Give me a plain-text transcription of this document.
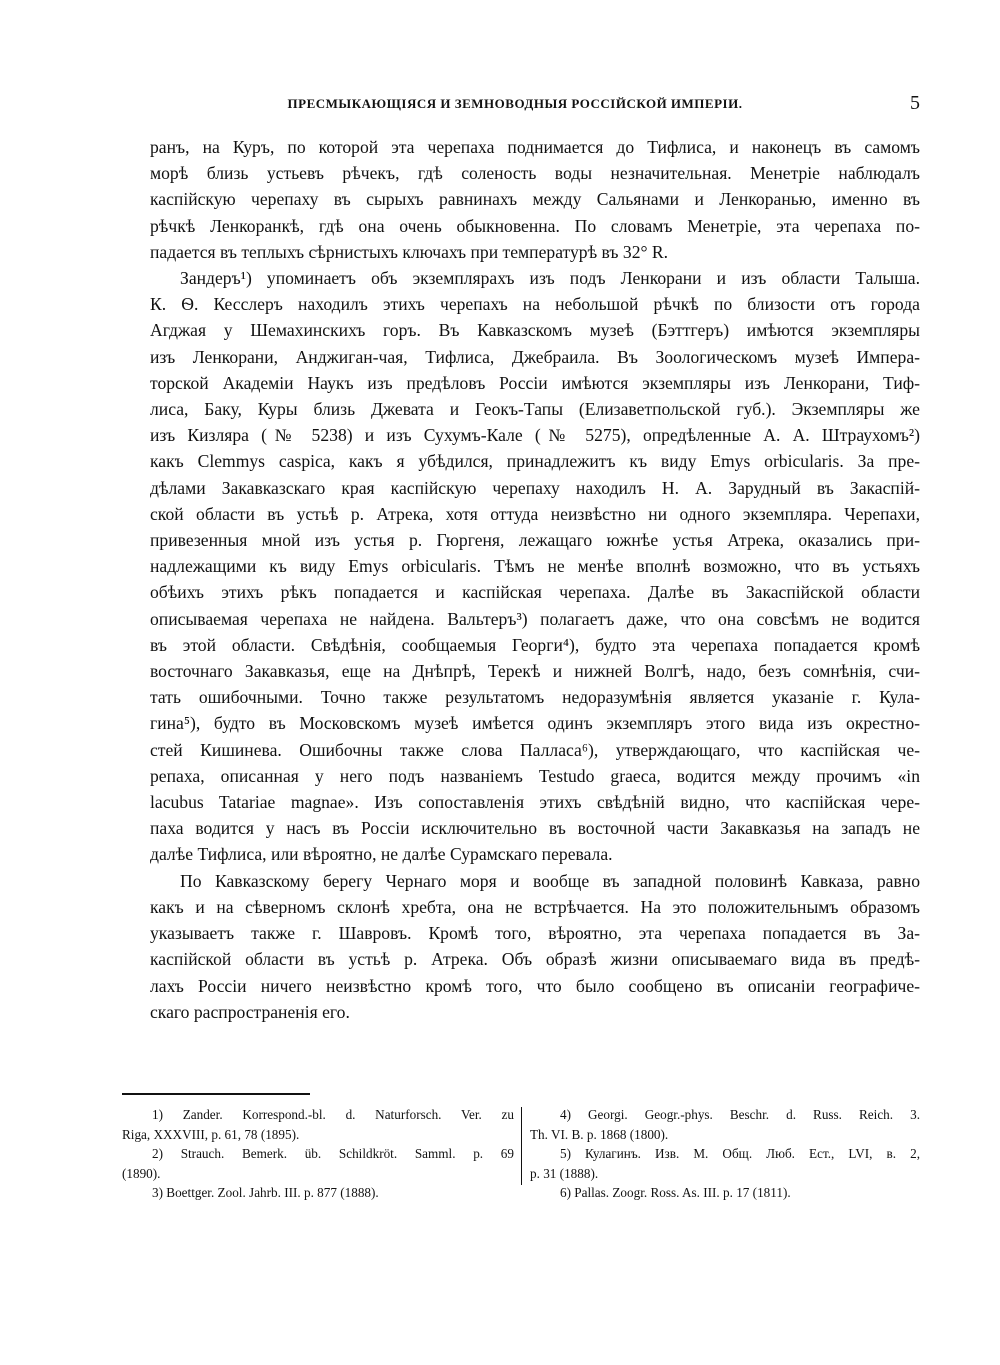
ПРЕСМЫКАЮЩІЯСЯ И ЗЕМНОВОДНЫЯ РОССІЙСКОЙ ИМПЕРІИ.	5

ранъ, на Куръ, по которой эта черепаха поднимается до Тифлиса, и наконецъ въ самомъ
морѣ близь устьевъ рѣчекъ, гдѣ соленость воды незначительная. Менетріе наблюдалъ
каспійскую черепаху въ сырыхъ равнинахъ между Сальянами и Ленкоранью, именно въ
рѣчкѣ Ленкоранкѣ, гдѣ она очень обыкновенна. По словамъ Менетріе, эта черепаха по-
падается въ теплыхъ сѣрнистыхъ ключахъ при температурѣ въ 32° R.

Зандеръ¹) упоминаетъ объ экземплярахъ изъ подъ Ленкорани и изъ области Талыша.
К. Ѳ. Кесслеръ находилъ этихъ черепахъ на небольшой рѣчкѣ по близости отъ города
Агджая у Шемахинскихъ горъ. Въ Кавказскомъ музеѣ (Бэттгеръ) имѣются экземпляры
изъ Ленкорани, Анджиган-чая, Тифлиса, Джебраила. Въ Зоологическомъ музеѣ Импера-
торской Академіи Наукъ изъ предѣловъ Россіи имѣются экземпляры изъ Ленкорани, Тиф-
лиса, Баку, Куры близь Джевата и Геокъ-Тапы (Елизаветпольской губ.). Экземпляры же
изъ Кизляра (№ 5238) и изъ Сухумъ-Кале (№ 5275), опредѣленные А. А. Штраухомъ²)
какъ Clemmys caspica, какъ я убѣдился, принадлежитъ къ виду Emys orbicularis. За пре-
дѣлами Закавказскаго края каспійскую черепаху находилъ Н. А. Зарудный въ Закаспій-
ской области въ устьѣ р. Атрека, хотя оттуда неизвѣстно ни одного экземпляра. Черепахи,
привезенныя мной изъ устья р. Гюргеня, лежащаго южнѣе устья Атрека, оказались при-
надлежащими къ виду Emys orbicularis. Тѣмъ не менѣе вполнѣ возможно, что въ устьяхъ
обѣихъ этихъ рѣкъ попадается и каспійская черепаха. Далѣе въ Закаспійской области
описываемая черепаха не найдена. Вальтеръ³) полагаетъ даже, что она совсѣмъ не водится
въ этой области. Свѣдѣнія, сообщаемыя Георги⁴), будто эта черепаха попадается кромѣ
восточнаго Закавказья, еще на Днѣпрѣ, Терекѣ и нижней Волгѣ, надо, безъ сомнѣнія, счи-
тать ошибочными. Точно также результатомъ недоразумѣнія является указаніе г. Кула-
гина⁵), будто въ Московскомъ музеѣ имѣется одинъ экземпляръ этого вида изъ окрестно-
стей Кишинева. Ошибочны также слова Палласа⁶), утверждающаго, что каспійская че-
репаха, описанная у него подъ названіемъ Testudo graeca, водится между прочимъ «in
lacubus Tatariae magnae». Изъ сопоставленія этихъ свѣдѣній видно, что каспійская чере-
паха водится у насъ въ Россіи исключительно въ восточной части Закавказья на западъ не
далѣе Тифлиса, или вѣроятно, не далѣе Сурамскаго перевала.

По Кавказскому берегу Чернаго моря и вообще въ западной половинѣ Кавказа, равно
какъ и на сѣверномъ склонѣ хребта, она не встрѣчается. На это положительнымъ образомъ
указываетъ также г. Шавровъ. Кромѣ того, вѣроятно, эта черепаха попадается въ За-
каспійской области въ устьѣ р. Атрека. Объ образѣ жизни описываемаго вида въ предѣ-
лахъ Россіи ничего неизвѣстно кромѣ того, что было сообщено въ описаніи географиче-
скаго распространенія его.

1) Zander. Korrespond.-bl. d. Naturforsch. Ver. zu
Riga, XXXVIII, p. 61, 78 (1895).

2) Strauch. Bemerk. üb. Schildkröt. Samml. p. 69
(1890).

3) Boettger. Zool. Jahrb. III. p. 877 (1888).

4) Georgi. Geogr.-phys. Beschr. d. Russ. Reich. 3.
Th. VI. B. p. 1868 (1800).

5) Кулагинъ. Изв. М. Общ. Люб. Ест., LVI, в. 2,
p. 31 (1888).

6) Pallas. Zoogr. Ross. As. III. p. 17 (1811).
